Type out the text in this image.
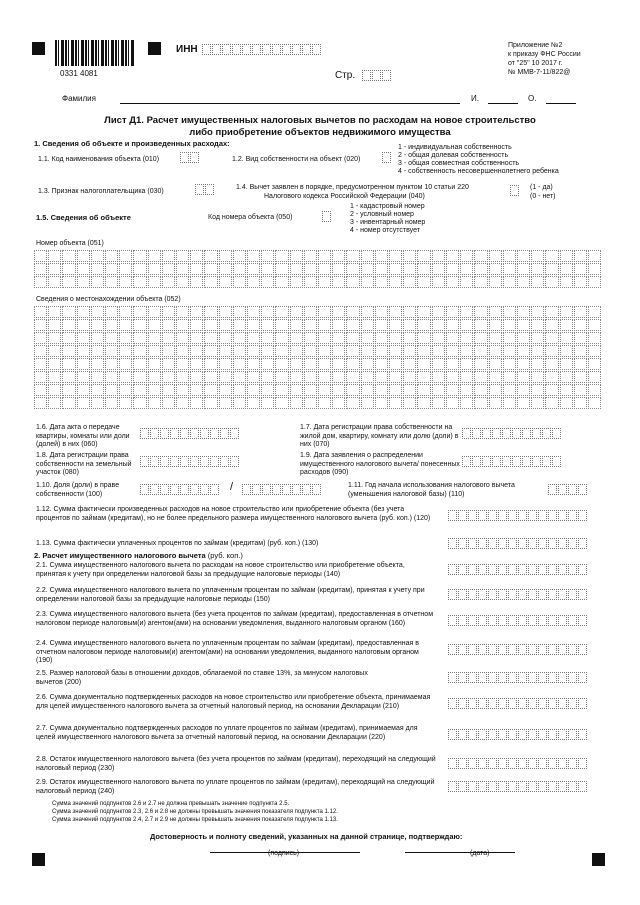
0331 4081
ИНН
Стр.
Приложение №2
к приказу ФНС России
от "25" 10 2017 г.
№ ММВ-7-11/822@
Фамилия	И.	О.
Лист Д1. Расчет имущественных налоговых вычетов по расходам на новое строительство
либо приобретение объектов недвижимого имущества
1. Сведения об объекте и произведенных расходах:
1.1. Код наименования объекта (010)	1.2. Вид собственности на объект (020)
1 - индивидуальная собственность
2 - общая долевая собственность
3 - общая совместная собственность
4 - собственность несовершеннолетнего ребенка
1.3. Признак налогоплательщика (030)
1.4. Вычет заявлен в порядке, предусмотренном пунктом 10 статьи 220
Налогового кодекса Российской Федерации (040)
(1 - да)
(0 - нет)
1.5. Сведения об объекте	Код номера объекта (050)
1 - кадастровый номер
2 - условный номер
3 - инвентарный номер
4 - номер отсутствует
Номер объекта (051)
Сведения о местонахождении объекта (052)
1.6. Дата акта о передаче квартиры, комнаты или доли (долей) в них (060)
1.7. Дата регистрации права собственности на жилой дом, квартиру, комнату или долю (доли) в них (070)
1.8. Дата регистрации права собственности на земельный участок (080)
1.9. Дата заявления о распределении имущественного налогового вычета/ понесенных расходов (090)
1.10. Доля (доли) в праве собственности (100)
/	1.11. Год начала использования налогового вычета (уменьшения налоговой базы) (110)
1.12. Сумма фактически произведенных расходов на новое строительство или приобретение объекта (без учета процентов по займам (кредитам), но не более предельного размера имущественного налогового вычета (руб. коп.) (120)
1.13. Сумма фактически уплаченных процентов по займам (кредитам) (руб. коп.) (130)
2. Расчет имущественного налогового вычета (руб. коп.)
2.1. Сумма имущественного налогового вычета по расходам на новое строительство или приобретение объекта, принятая к учету при определении налоговой базы за предыдущие налоговые периоды (140)
2.2. Сумма имущественного налогового вычета по уплаченным процентам по займам (кредитам), принятая к учету при определении налоговой базы за предыдущие налоговые периоды (150)
2.3. Сумма имущественного налогового вычета (без учета процентов по займам (кредитам), предоставленная в отчетном налоговом периоде налоговым(и) агентом(ами) на основании уведомления, выданного налоговым органом (160)
2.4. Сумма имущественного налогового вычета по уплаченным процентам по займам (кредитам), предоставленная в отчетном налоговом периоде налоговым(и) агентом(ами) на основании уведомления, выданного налоговым органом (190)
2.5. Размер налоговой базы в отношении доходов, облагаемой по ставке 13%, за минусом налоговых вычетов (200)
2.6. Сумма документально подтвержденных расходов на новое строительство или приобретение объекта, принимаемая для целей имущественного налогового вычета за отчетный налоговый период, на основании Декларации (210)
2.7. Сумма документально подтвержденных расходов по уплате процентов по займам (кредитам), принимаемая для целей имущественного налогового вычета за отчетный налоговый период, на основании Декларации (220)
2.8. Остаток имущественного налогового вычета (без учета процентов по займам (кредитам), переходящий на следующий налоговый период (230)
2.9. Остаток имущественного налогового вычета по уплате процентов по займам (кредитам), переходящий на следующий налоговый период (240)
Сумма значений подпунктов 2.6 и 2.7 не должна превышать значение подпункта 2.5.
Сумма значений подпунктов 2.3, 2.6 и 2.8 не должны превышать значения показателя подпункта 1.12.
Сумма значений подпунктов 2.4, 2.7 и 2.9 не должны превышать значения показателя подпункта 1.13.
Достоверность и полноту сведений, указанных на данной странице, подтверждаю:
(подпись)	(дата)
